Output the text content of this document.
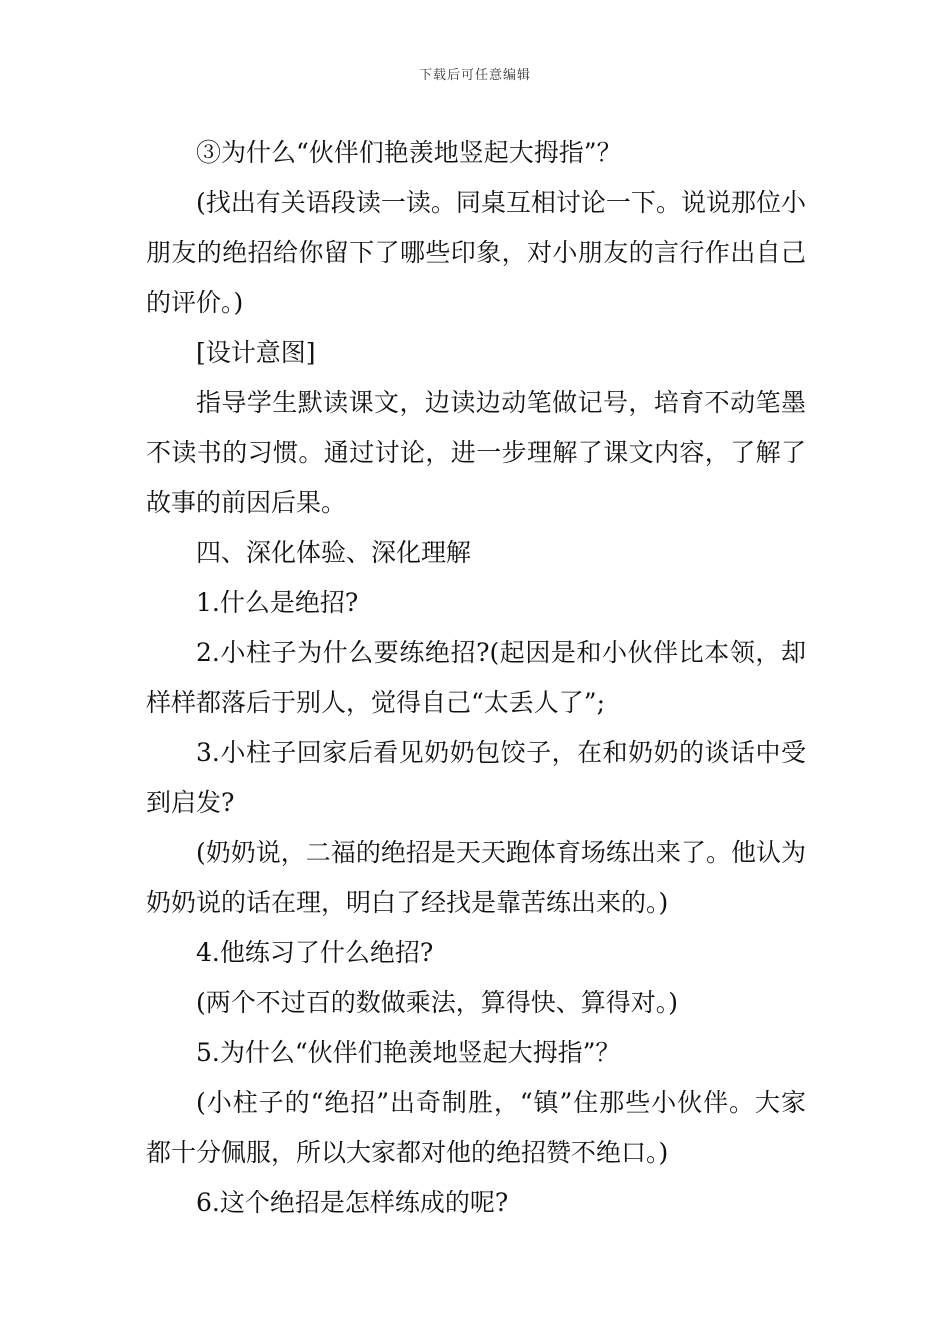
下载后可任意编辑

③为什么“伙伴们艳羡地竖起大拇指”？

(找出有关语段读一读。同桌互相讨论一下。说说那位小朋友的绝招给你留下了哪些印象，对小朋友的言行作出自己的评价。)

[设计意图]

指导学生默读课文，边读边动笔做记号，培育不动笔墨不读书的习惯。通过讨论，进一步理解了课文内容，了解了故事的前因后果。

四、深化体验、深化理解

1.什么是绝招?

2.小柱子为什么要练绝招?(起因是和小伙伴比本领，却样样都落后于别人，觉得自己“太丢人了”;

3.小柱子回家后看见奶奶包饺子，在和奶奶的谈话中受到启发?

(奶奶说，二福的绝招是天天跑体育场练出来了。他认为奶奶说的话在理，明白了经找是靠苦练出来的。)

4.他练习了什么绝招?

(两个不过百的数做乘法，算得快、算得对。)

5.为什么“伙伴们艳羡地竖起大拇指”？

(小柱子的“绝招”出奇制胜，“镇”住那些小伙伴。大家都十分佩服，所以大家都对他的绝招赞不绝口。)

6.这个绝招是怎样练成的呢?
